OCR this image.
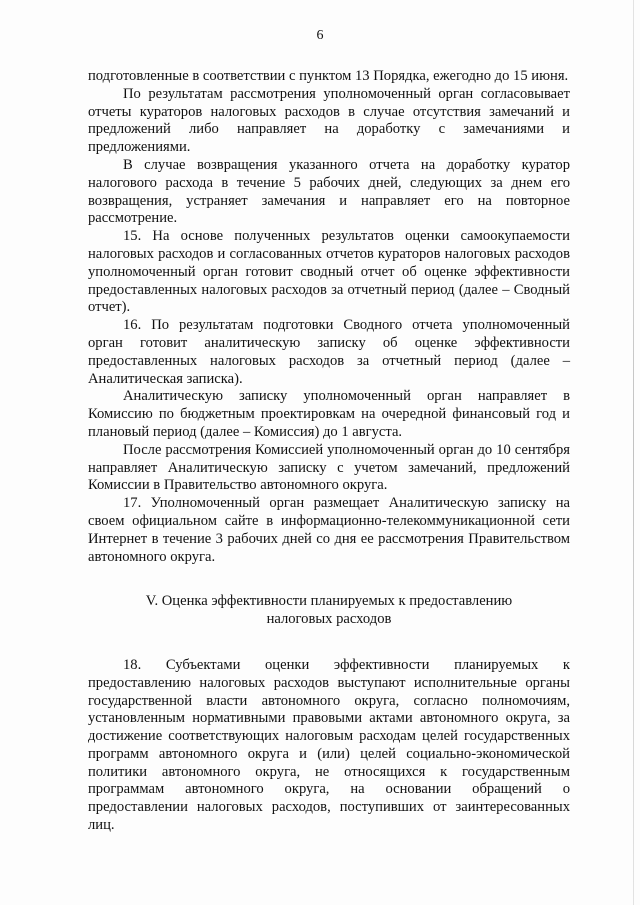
6

подготовленные в соответствии с пунктом 13 Порядка, ежегодно до 15 июня.

По результатам рассмотрения уполномоченный орган согласовывает отчеты кураторов налоговых расходов в случае отсутствия замечаний и предложений либо направляет на доработку с замечаниями и предложениями.

В случае возвращения указанного отчета на доработку куратор налогового расхода в течение 5 рабочих дней, следующих за днем его возвращения, устраняет замечания и направляет его на повторное рассмотрение.

15. На основе полученных результатов оценки самоокупаемости налоговых расходов и согласованных отчетов кураторов налоговых расходов уполномоченный орган готовит сводный отчет об оценке эффективности предоставленных налоговых расходов за отчетный период (далее – Сводный отчет).

16. По результатам подготовки Сводного отчета уполномоченный орган готовит аналитическую записку об оценке эффективности предоставленных налоговых расходов за отчетный период (далее – Аналитическая записка).

Аналитическую записку уполномоченный орган направляет в Комиссию по бюджетным проектировкам на очередной финансовый год и плановый период (далее – Комиссия) до 1 августа.

После рассмотрения Комиссией уполномоченный орган до 10 сентября направляет Аналитическую записку с учетом замечаний, предложений Комиссии в Правительство автономного округа.

17. Уполномоченный орган размещает Аналитическую записку на своем официальном сайте в информационно-телекоммуникационной сети Интернет в течение 3 рабочих дней со дня ее рассмотрения Правительством автономного округа.

V. Оценка эффективности планируемых к предоставлению

налоговых расходов

18. Субъектами оценки эффективности планируемых к предоставлению налоговых расходов выступают исполнительные органы государственной власти автономного округа, согласно полномочиям, установленным нормативными правовыми актами автономного округа, за достижение соответствующих налоговым расходам целей государственных программ автономного округа и (или) целей социально-экономической политики автономного округа, не относящихся к государственным программам автономного округа, на основании обращений о предоставлении налоговых расходов, поступивших от заинтересованных лиц.
